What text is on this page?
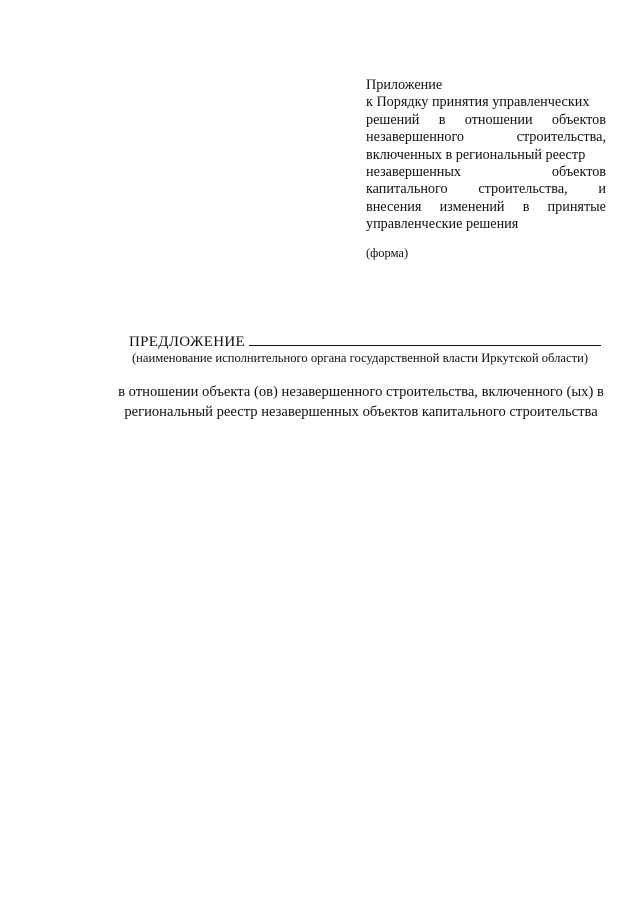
Приложение
к Порядку принятия управленческих
решений в отношении объектов
незавершенного	строительства,
включенных в региональный реестр
незавершенных	объектов
капитального строительства, и
внесения изменений в принятые
управленческие решения
(форма)
ПРЕДЛОЖЕНИЕ
(наименование исполнительного органа государственной власти Иркутской области)
в отношении объекта (ов) незавершенного строительства, включенного (ых) в
региональный реестр незавершенных объектов капитального строительства
